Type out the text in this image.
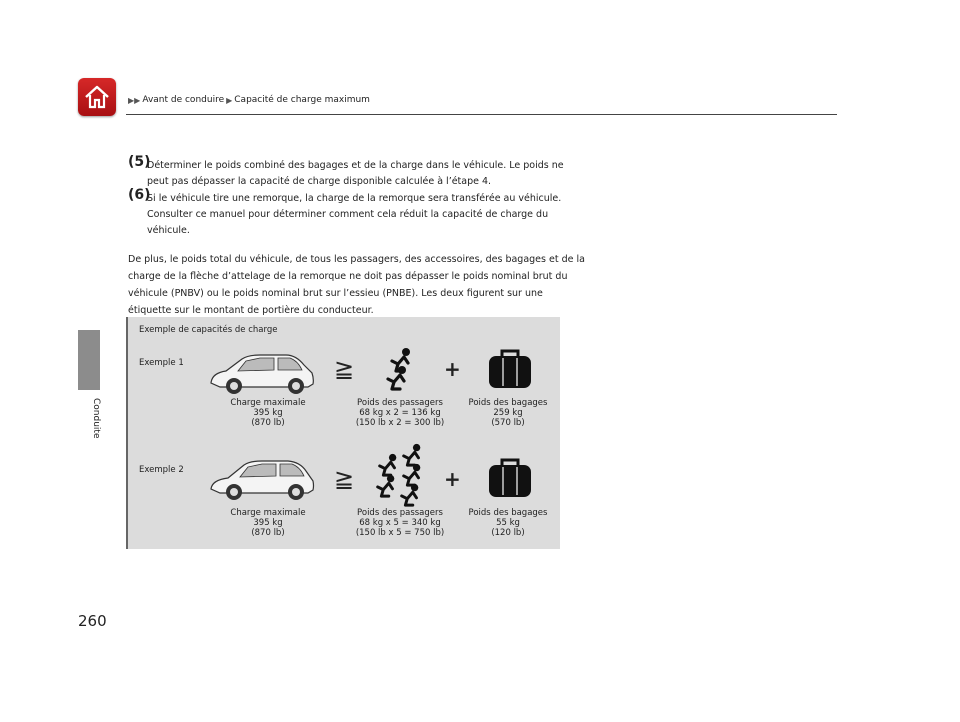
▶▶ Avant de conduire ▶ Capacité de charge maximum
Conduite
(5)
Déterminer le poids combiné des bagages et de la charge dans le véhicule. Le poids ne
peut pas dépasser la capacité de charge disponible calculée à l’étape 4.
(6)
Si le véhicule tire une remorque, la charge de la remorque sera transférée au véhicule.
Consulter ce manuel pour déterminer comment cela réduit la capacité de charge du
véhicule.
De plus, le poids total du véhicule, de tous les passagers, des accessoires, des bagages et de la
charge de la flèche d’attelage de la remorque ne doit pas dépasser le poids nominal brut du
véhicule (PNBV) ou le poids nominal brut sur l’essieu (PNBE). Les deux figurent sur une
étiquette sur le montant de portière du conducteur.
Exemple de capacités de charge
Exemple 1	≧	+
Charge maximale
395 kg
(870 lb)
Poids des passagers
68 kg x 2 = 136 kg
(150 lb x 2 = 300 lb)
Poids des bagages
259 kg
(570 lb)
Exemple 2	≧	+
Charge maximale
395 kg
(870 lb)
Poids des passagers
68 kg x 5 = 340 kg
(150 lb x 5 = 750 lb)
Poids des bagages
55 kg
(120 lb)
260
